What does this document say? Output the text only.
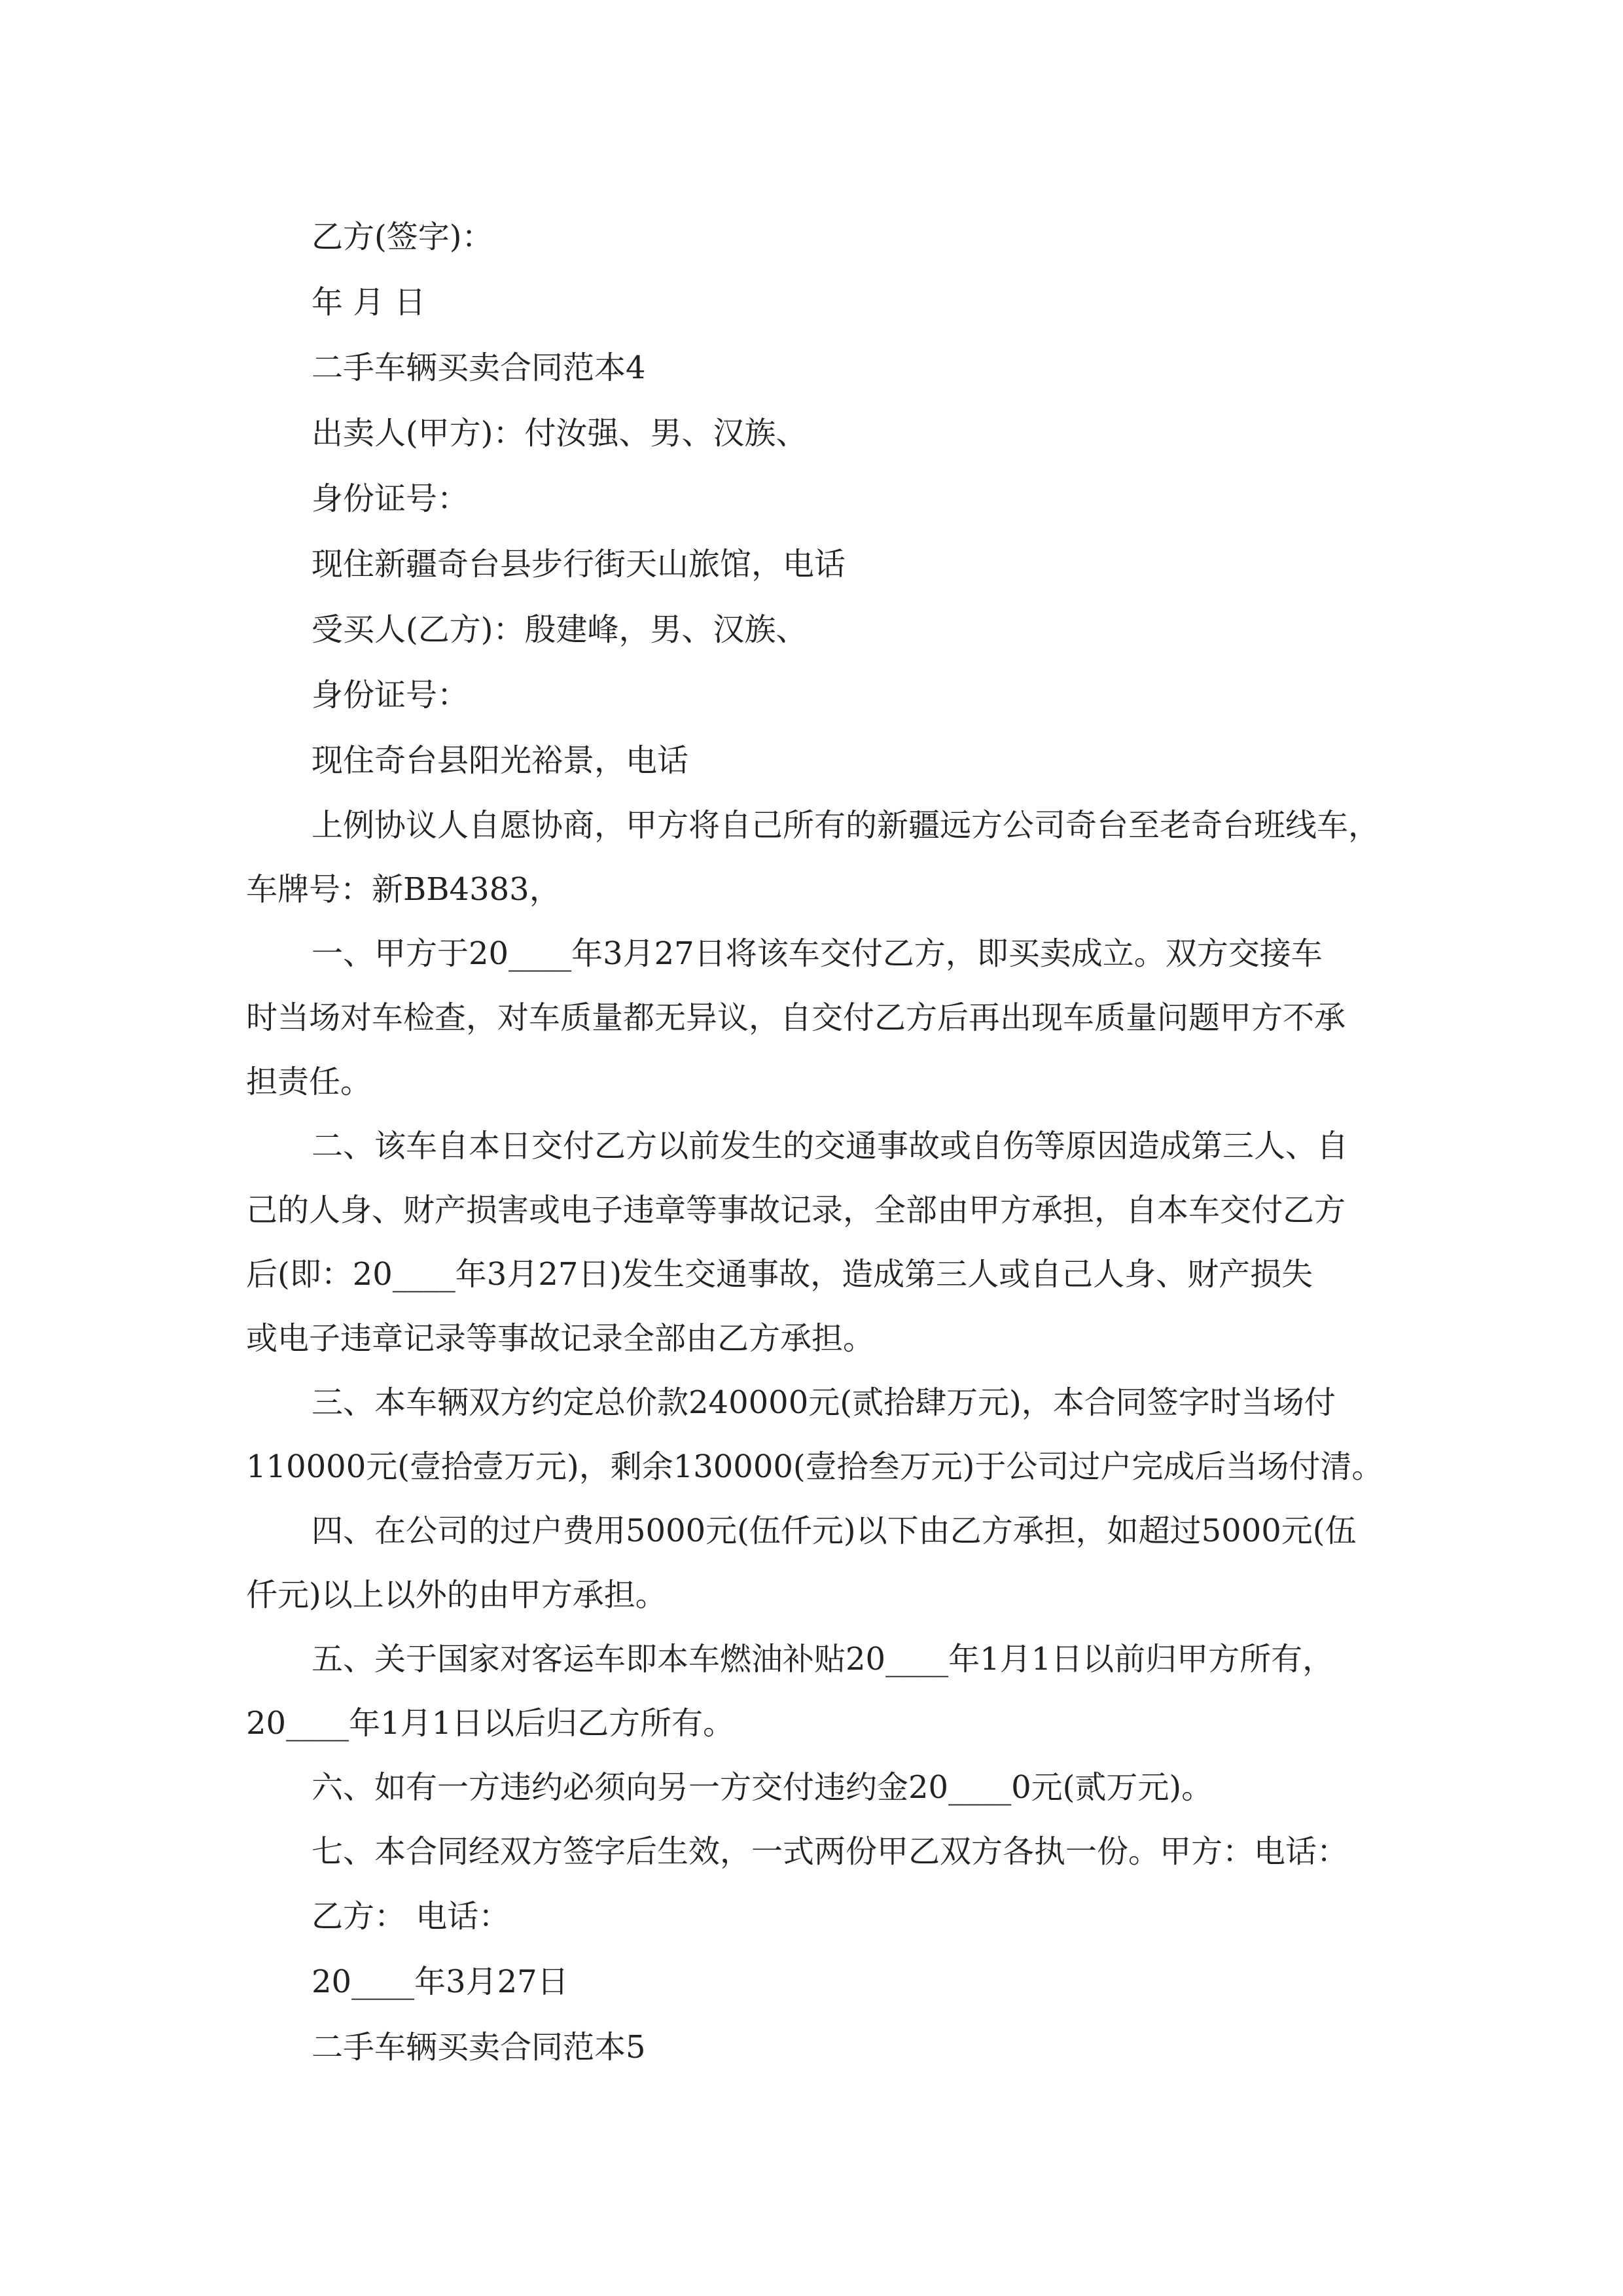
乙方(签字)：
年 月 日
二手车辆买卖合同范本4
出卖人(甲方)：付汝强、男、汉族、
身份证号：
现住新疆奇台县步行街天山旅馆，电话
受买人(乙方)：殷建峰，男、汉族、
身份证号：
现住奇台县阳光裕景，电话
上例协议人自愿协商，甲方将自己所有的新疆远方公司奇台至老奇台班线车，
车牌号：新BB4383，
一、甲方于20____年3月27日将该车交付乙方，即买卖成立。双方交接车
时当场对车检查，对车质量都无异议，自交付乙方后再出现车质量问题甲方不承
担责任。
二、该车自本日交付乙方以前发生的交通事故或自伤等原因造成第三人、自
己的人身、财产损害或电子违章等事故记录，全部由甲方承担，自本车交付乙方
后(即：20____年3月27日)发生交通事故，造成第三人或自己人身、财产损失
或电子违章记录等事故记录全部由乙方承担。
三、本车辆双方约定总价款240000元(贰拾肆万元)，本合同签字时当场付
110000元(壹拾壹万元)，剩余130000(壹拾叁万元)于公司过户完成后当场付清。
四、在公司的过户费用5000元(伍仟元)以下由乙方承担，如超过5000元(伍
仟元)以上以外的由甲方承担。
五、关于国家对客运车即本车燃油补贴20____年1月1日以前归甲方所有，
20____年1月1日以后归乙方所有。
六、如有一方违约必须向另一方交付违约金20____0元(贰万元)。
七、本合同经双方签字后生效，一式两份甲乙双方各执一份。甲方：电话：
乙方： 电话：
20____年3月27日
二手车辆买卖合同范本5
